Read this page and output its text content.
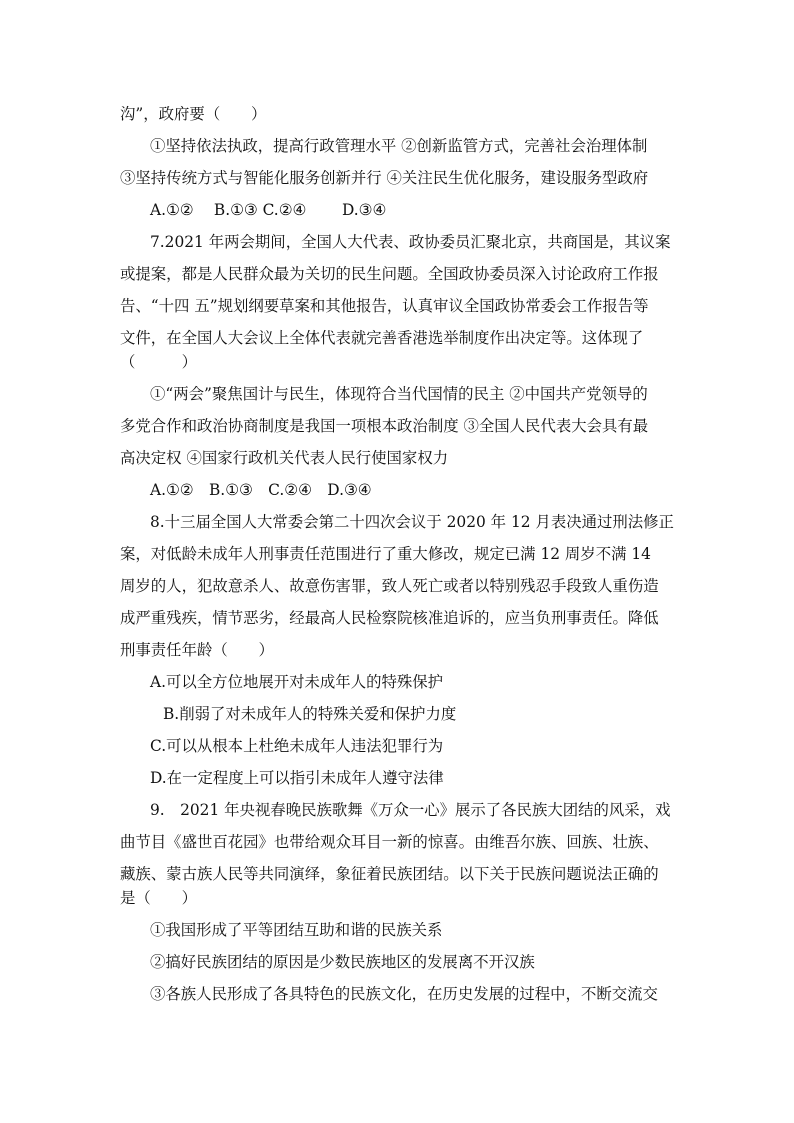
沟”，政府要（　　）
①坚持依法执政，提高行政管理水平 ②创新监管方式，完善社会治理体制
③坚持传统方式与智能化服务创新并行 ④关注民生优化服务，建设服务型政府
A.①②　 B.①③ C.②④　　 D.③④
7.2021 年两会期间，全国人大代表、政协委员汇聚北京，共商国是，其议案
或提案，都是人民群众最为关切的民生问题。全国政协委员深入讨论政府工作报
告、“十四 五”规划纲要草案和其他报告，认真审议全国政协常委会工作报告等
文件，在全国人大会议上全体代表就完善香港选举制度作出决定等。这体现了
（　　　）
①“两会”聚焦国计与民生，体现符合当代国情的民主 ②中国共产党领导的
多党合作和政治协商制度是我国一项根本政治制度 ③全国人民代表大会具有最
高决定权 ④国家行政机关代表人民行使国家权力
A.①②　B.①③　C.②④　D.③④
8.十三届全国人大常委会第二十四次会议于 2020 年 12 月表决通过刑法修正
案，对低龄未成年人刑事责任范围进行了重大修改，规定已满 12 周岁不满 14
周岁的人，犯故意杀人、故意伤害罪，致人死亡或者以特别残忍手段致人重伤造
成严重残疾，情节恶劣，经最高人民检察院核准追诉的，应当负刑事责任。降低
刑事责任年龄（　　）
A.可以全方位地展开对未成年人的特殊保护
B.削弱了对未成年人的特殊关爱和保护力度
C.可以从根本上杜绝未成年人违法犯罪行为
D.在一定程度上可以指引未成年人遵守法律
9.　2021 年央视春晚民族歌舞《万众一心》展示了各民族大团结的风采，戏
曲节目《盛世百花园》也带给观众耳目一新的惊喜。由维吾尔族、回族、壮族、
藏族、蒙古族人民等共同演绎，象征着民族团结。以下关于民族问题说法正确的
是（　　）
①我国形成了平等团结互助和谐的民族关系
②搞好民族团结的原因是少数民族地区的发展离不开汉族
③各族人民形成了各具特色的民族文化，在历史发展的过程中，不断交流交
